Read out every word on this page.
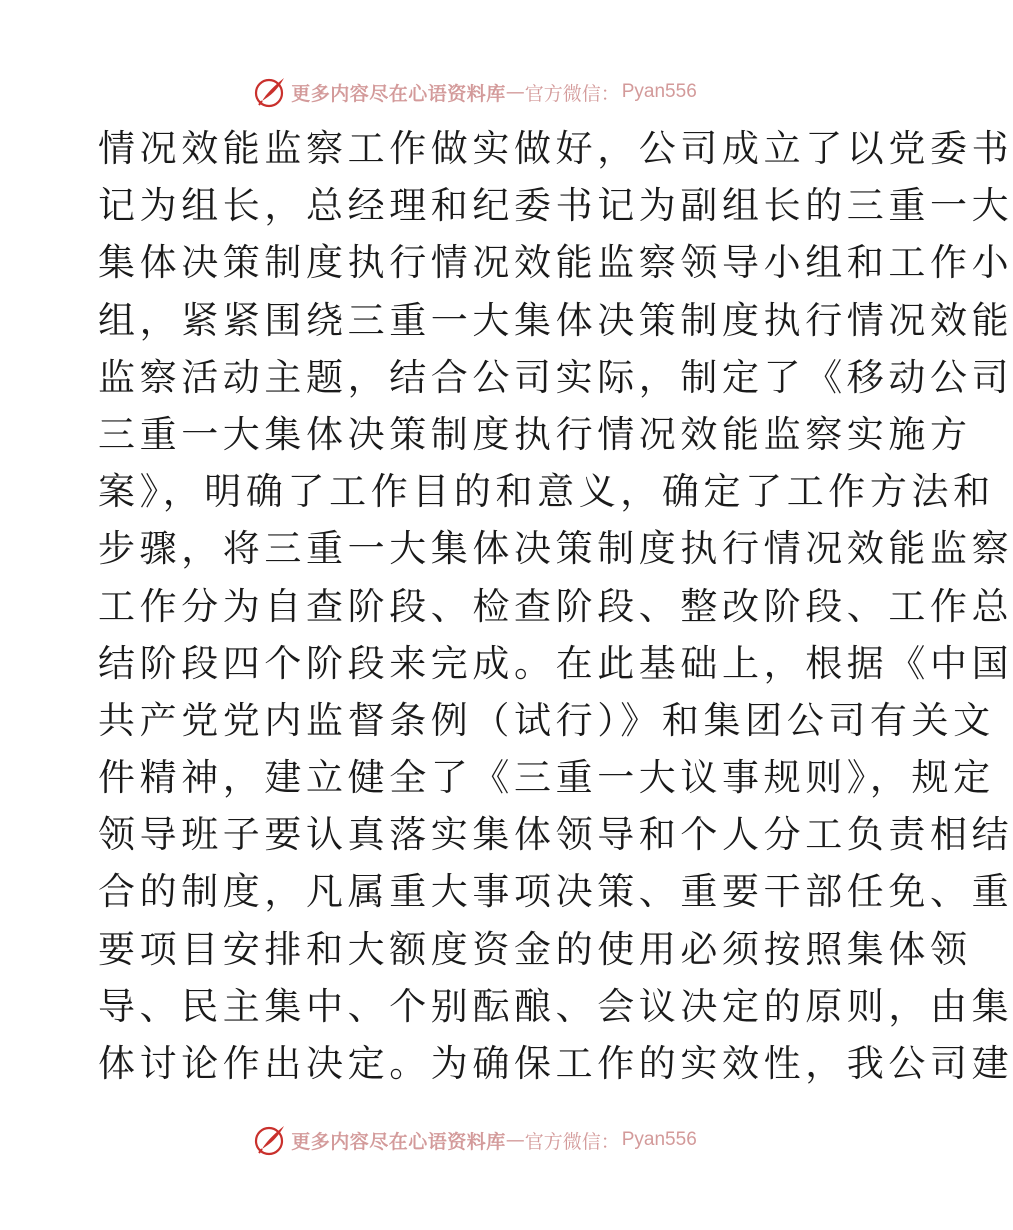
更多内容尽在心语资料库 — 官方微信： Pyan556
情况效能监察工作做实做好，公司成立了以党委书
记为组长，总经理和纪委书记为副组长的三重一大
集体决策制度执行情况效能监察领导小组和工作小
组，紧紧围绕三重一大集体决策制度执行情况效能
监察活动主题，结合公司实际，制定了《移动公司
三重一大集体决策制度执行情况效能监察实施方
案》，明确了工作目的和意义，确定了工作方法和
步骤，将三重一大集体决策制度执行情况效能监察
工作分为自查阶段、检查阶段、整改阶段、工作总
结阶段四个阶段来完成。在此基础上，根据《中国
共产党党内监督条例（试行）》和集团公司有关文
件精神，建立健全了《三重一大议事规则》，规定
领导班子要认真落实集体领导和个人分工负责相结
合的制度，凡属重大事项决策、重要干部任免、重
要项目安排和大额度资金的使用必须按照集体领
导、民主集中、个别酝酿、会议决定的原则，由集
体讨论作出决定。为确保工作的实效性，我公司建
更多内容尽在心语资料库 — 官方微信： Pyan556
